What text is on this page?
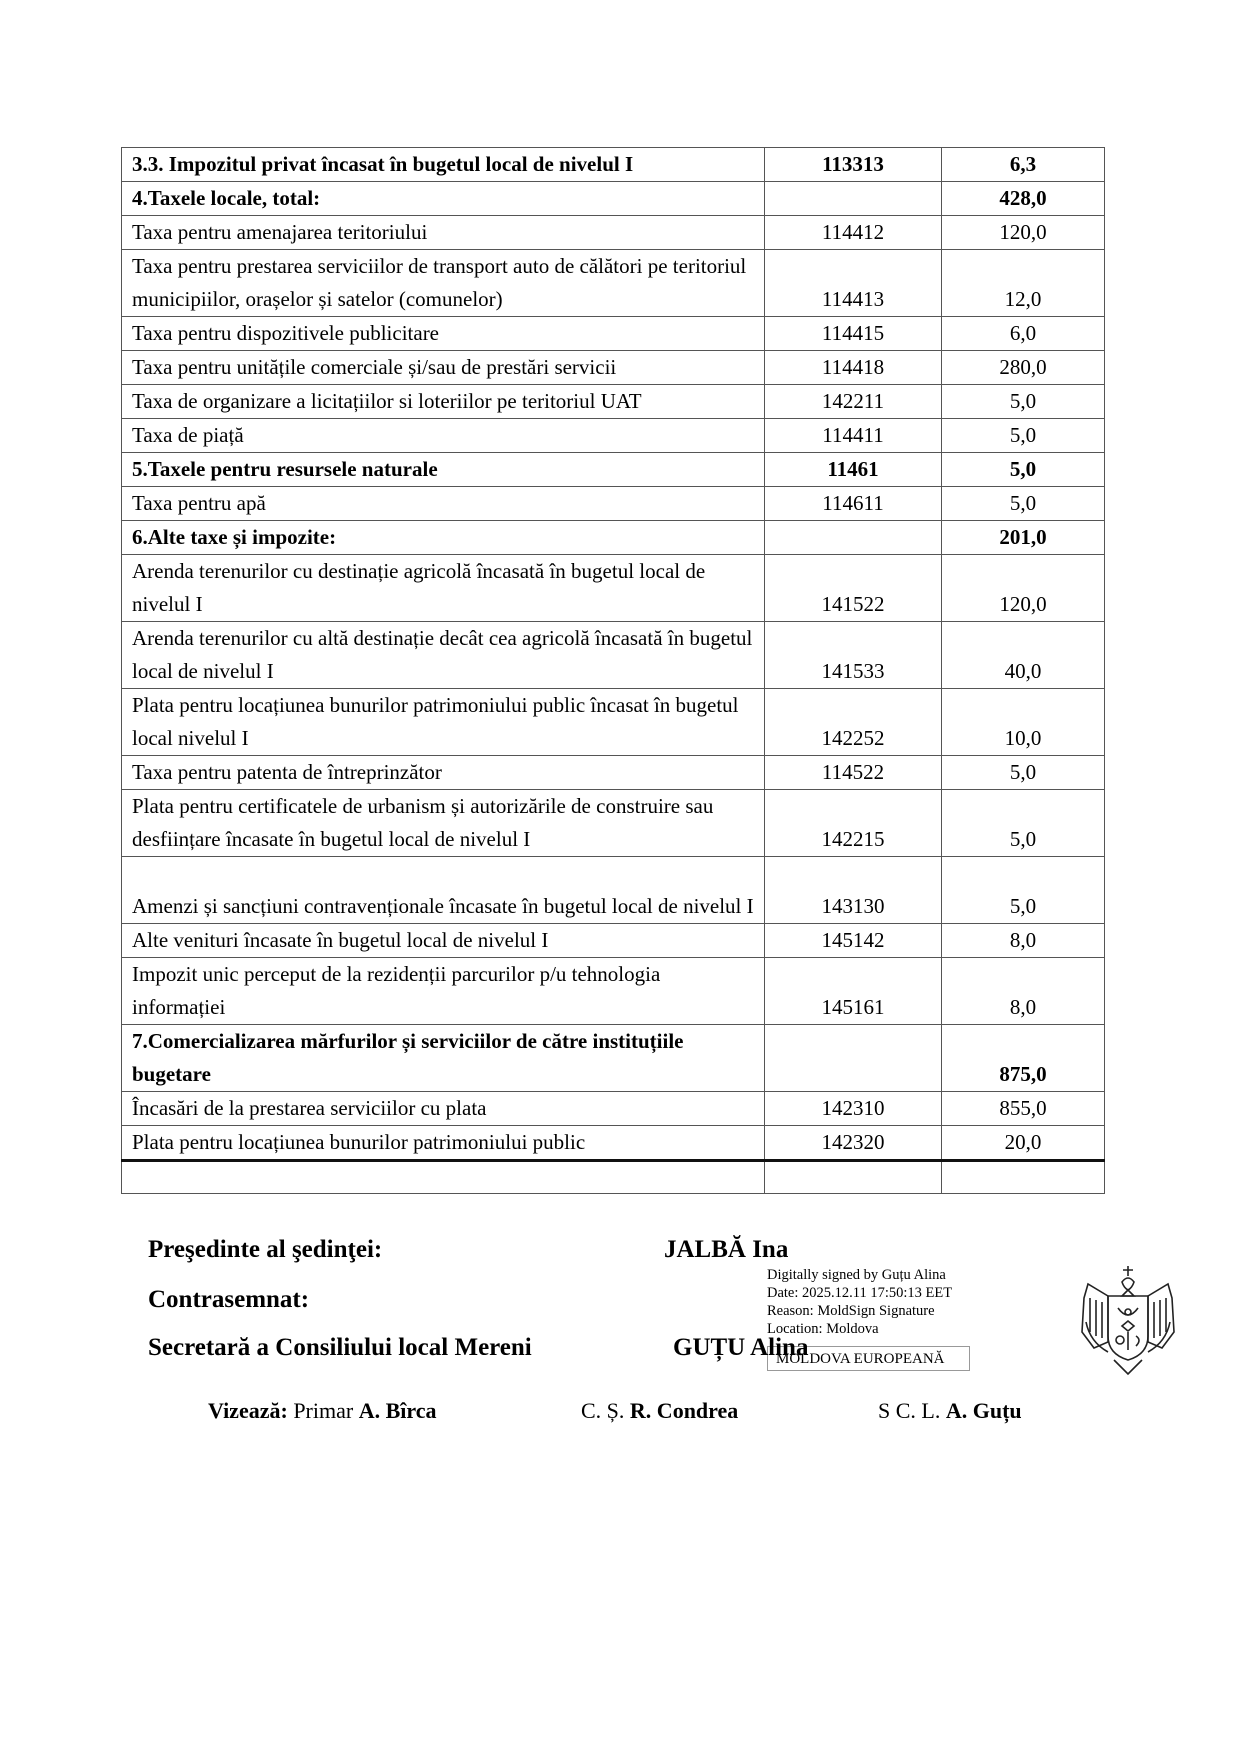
3.3. Impozitul privat încasat în bugetul local de nivelul I	113313	6,3
4.Taxele locale, total:		428,0
Taxa pentru amenajarea teritoriului	114412	120,0
Taxa pentru prestarea serviciilor de transport auto de călători pe teritoriul municipiilor, orașelor și satelor (comunelor)	114413	12,0
Taxa pentru dispozitivele publicitare	114415	6,0
Taxa pentru unitățile comerciale și/sau de prestări servicii	114418	280,0
Taxa de organizare a licitațiilor si loteriilor pe teritoriul UAT	142211	5,0
Taxa de piață	114411	5,0
5.Taxele pentru resursele naturale	11461	5,0
Taxa pentru apă	114611	5,0
6.Alte taxe și impozite:		201,0
Arenda terenurilor cu destinație agricolă încasată în bugetul local de nivelul I	141522	120,0
Arenda terenurilor cu altă destinație decât cea agricolă încasată în bugetul local de nivelul I	141533	40,0
Plata pentru locațiunea bunurilor patrimoniului public încasat în bugetul local nivelul I	142252	10,0
Taxa pentru patenta de întreprinzător	114522	5,0
Plata pentru certificatele de urbanism și autorizările de construire sau desființare încasate în bugetul local de nivelul I	142215	5,0
Amenzi și sancțiuni contravenționale încasate în bugetul local de nivelul I	143130	5,0
Alte venituri încasate în bugetul local de nivelul I	145142	8,0
Impozit unic perceput de la rezidenții parcurilor p/u tehnologia informației	145161	8,0
7.Comercializarea mărfurilor și serviciilor de către instituțiile bugetare		875,0
Încasări de la prestarea serviciilor cu plata	142310	855,0
Plata pentru locațiunea bunurilor patrimoniului public	142320	20,0

Preşedinte al şedinţei:	JALBĂ Ina
Contrasemnat:
Secretară a Consiliului local Mereni
Digitally signed by Guțu Alina
Date: 2025.12.11 17:50:13 EET
Reason: MoldSign Signature
Location: Moldova
MOLDOVA EUROPEANĂ
GUȚU Alina
Vizează: Primar A. Bîrca	C. Ș. R. Condrea	S C. L. A. Guțu
